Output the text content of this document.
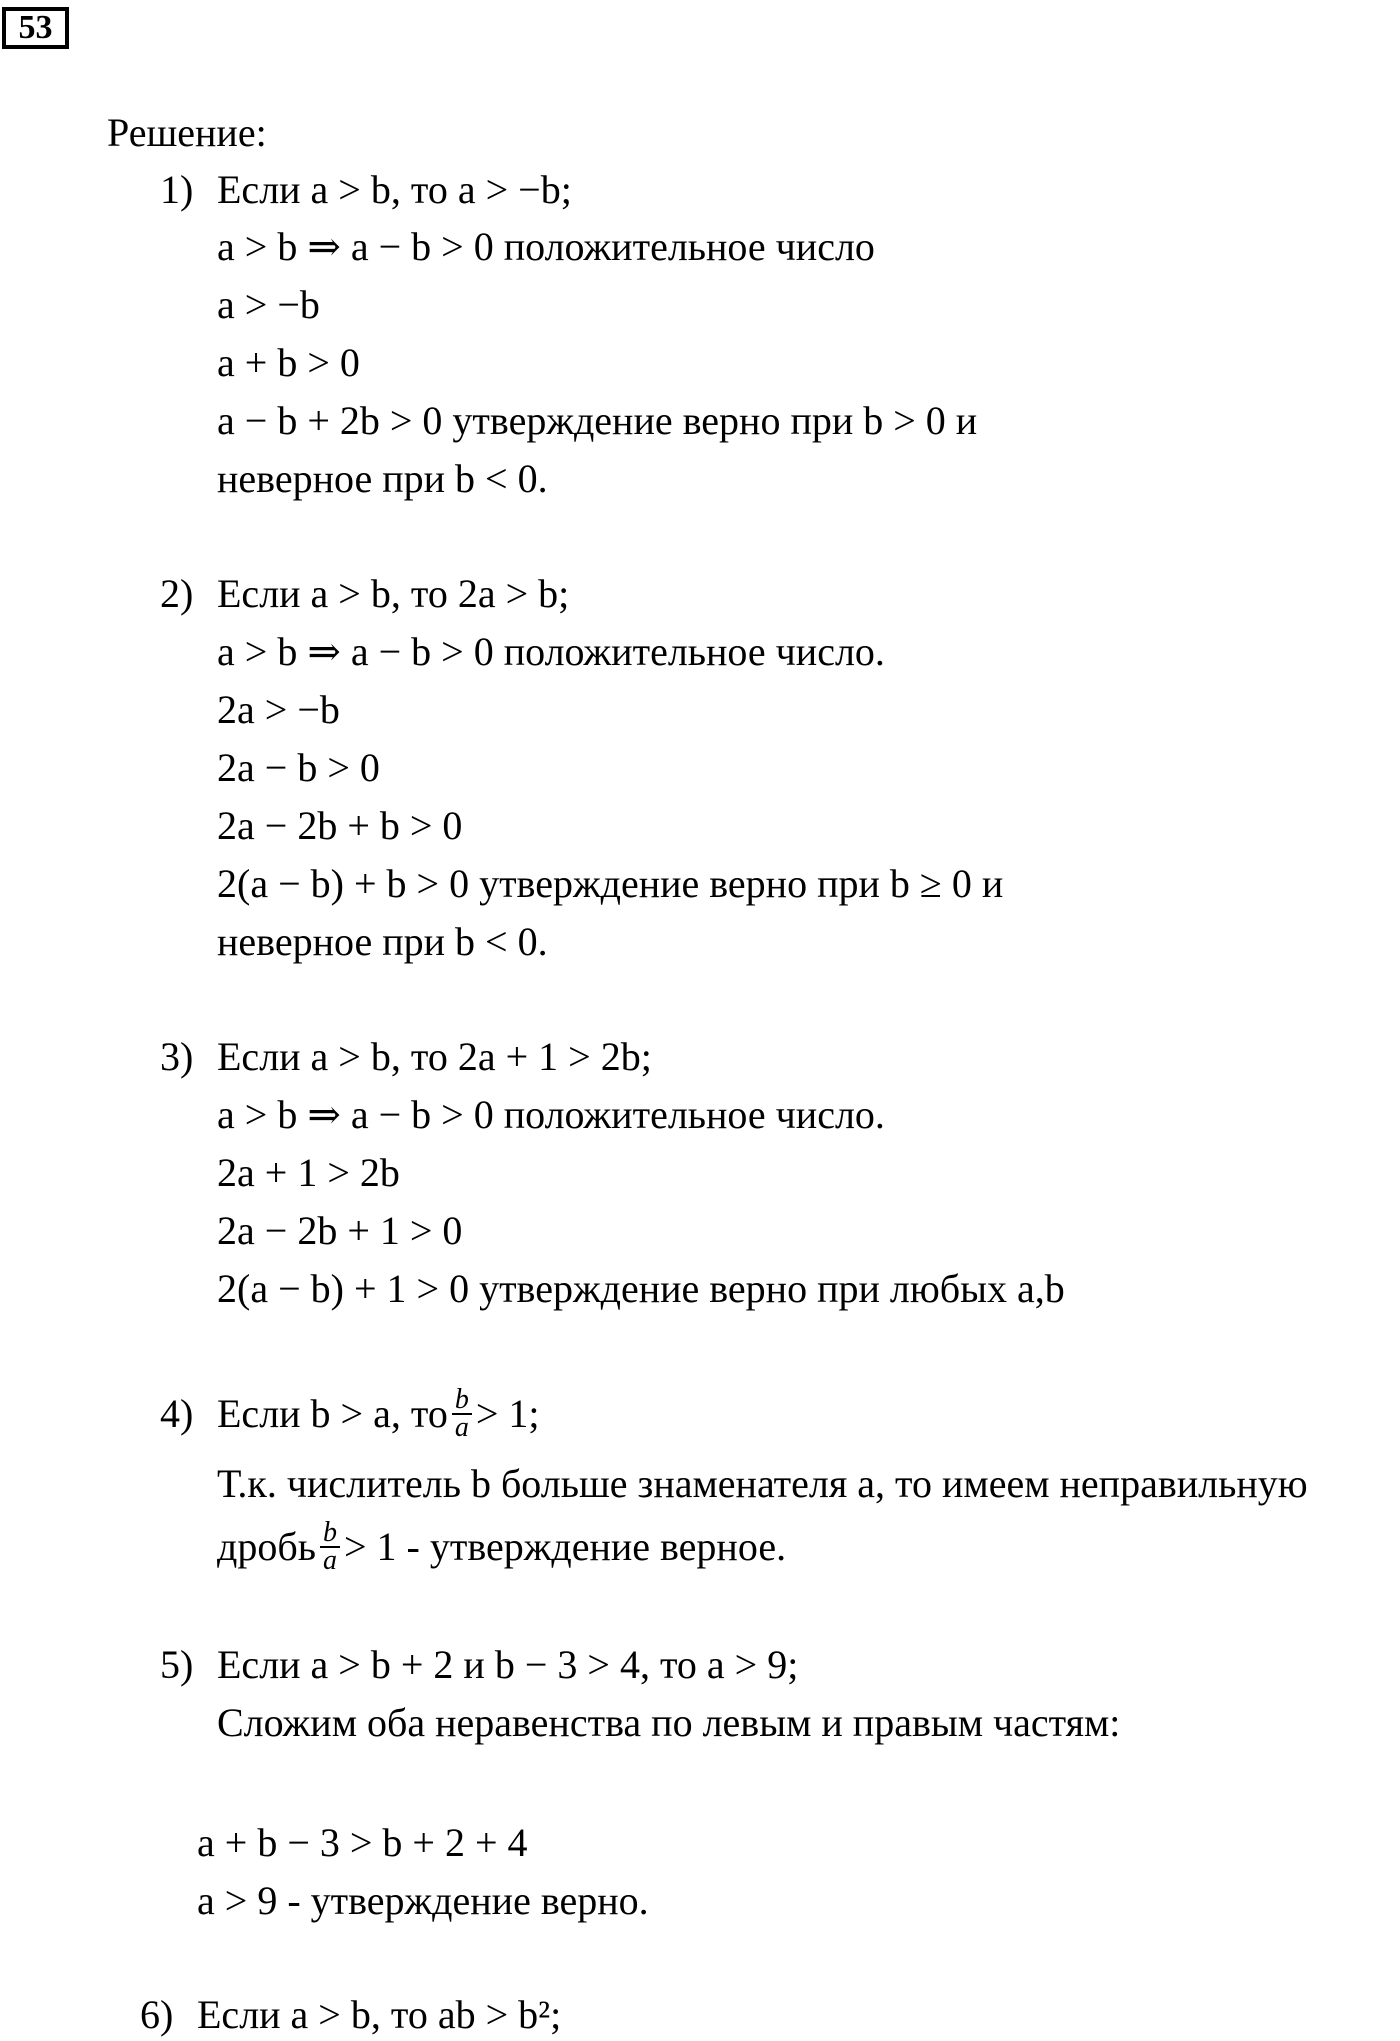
53
Решение:
1) Если a > b, то a > −b;
a > b ⇒ a − b > 0 положительное число
a > −b
a + b > 0
a − b + 2b > 0 утверждение верно при b > 0 и
неверное при b < 0.
2) Если a > b, то 2a > b;
a > b ⇒ a − b > 0 положительное число.
2a > −b
2a − b > 0
2a − 2b + b > 0
2(a − b) + b > 0 утверждение верно при b ≥ 0 и
неверное при b < 0.
3) Если a > b, то 2a + 1 > 2b;
a > b ⇒ a − b > 0 положительное число.
2a + 1 > 2b
2a − 2b + 1 > 0
2(a − b) + 1 > 0 утверждение верно при любых a,b
4) Если b > a, то $\frac{b}{a} > 1$;
Т.к. числитель b больше знаменателя a, то имеем неправильную
дробь $\frac{b}{a} > 1$ - утверждение верное.
5) Если a > b + 2 и b − 3 > 4, то a > 9;
Сложим оба неравенства по левым и правым частям:
a + b − 3 > b + 2 + 4
a > 9 - утверждение верно.
6) Если a > b, то ab > b²;
